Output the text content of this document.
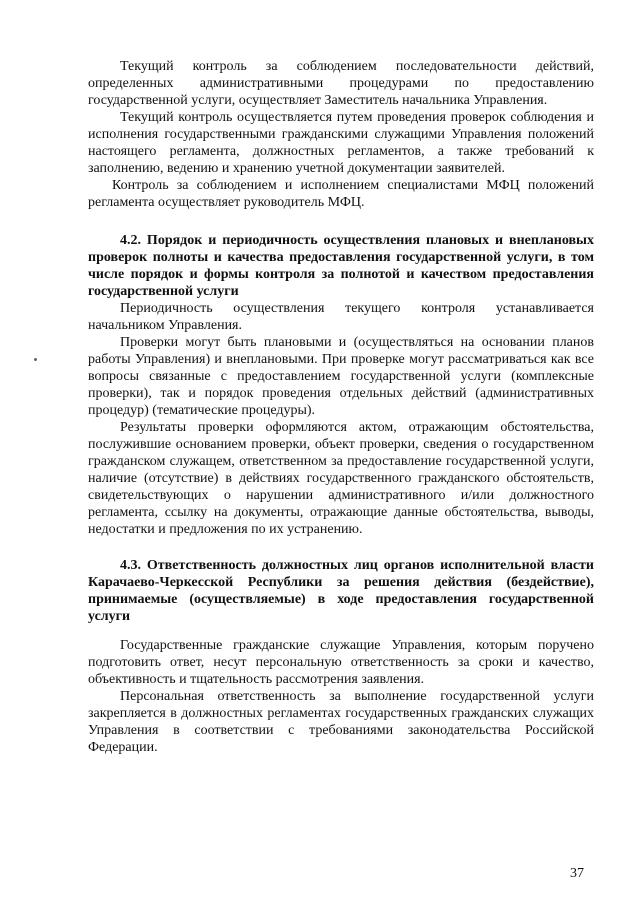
Текущий контроль за соблюдением последовательности действий, определенных административными процедурами по предоставлению государственной услуги, осуществляет Заместитель начальника Управления.

Текущий контроль осуществляется путем проведения проверок соблюдения и исполнения государственными гражданскими служащими Управления положений настоящего регламента, должностных регламентов, а также требований к заполнению, ведению и хранению учетной документации заявителей.

Контроль за соблюдением и исполнением специалистами МФЦ положений регламента осуществляет руководитель МФЦ.

4.2. Порядок и периодичность осуществления плановых и внеплановых проверок полноты и качества предоставления государственной услуги, в том числе порядок и формы контроля за полнотой и качеством предоставления государственной услуги

Периодичность осуществления текущего контроля устанавливается начальником Управления.

Проверки могут быть плановыми и (осуществляться на основании планов работы Управления) и внеплановыми. При проверке могут рассматриваться как все вопросы связанные с предоставлением государственной услуги (комплексные проверки), так и порядок проведения отдельных действий (административных процедур) (тематические процедуры).

Результаты проверки оформляются актом, отражающим обстоятельства, послужившие основанием проверки, объект проверки, сведения о государственном гражданском служащем, ответственном за предоставление государственной услуги, наличие (отсутствие) в действиях государственного гражданского обстоятельств, свидетельствующих о нарушении административного и/или должностного регламента, ссылку на документы, отражающие данные обстоятельства, выводы, недостатки и предложения по их устранению.

4.3. Ответственность должностных лиц органов исполнительной власти Карачаево-Черкесской Республики за решения действия (бездействие), принимаемые (осуществляемые) в ходе предоставления государственной услуги

Государственные гражданские служащие Управления, которым поручено подготовить ответ, несут персональную ответственность за сроки и качество, объективность и тщательность рассмотрения заявления.

Персональная ответственность за выполнение государственной услуги закрепляется в должностных регламентах государственных гражданских служащих Управления в соответствии с требованиями законодательства Российской Федерации.

37
